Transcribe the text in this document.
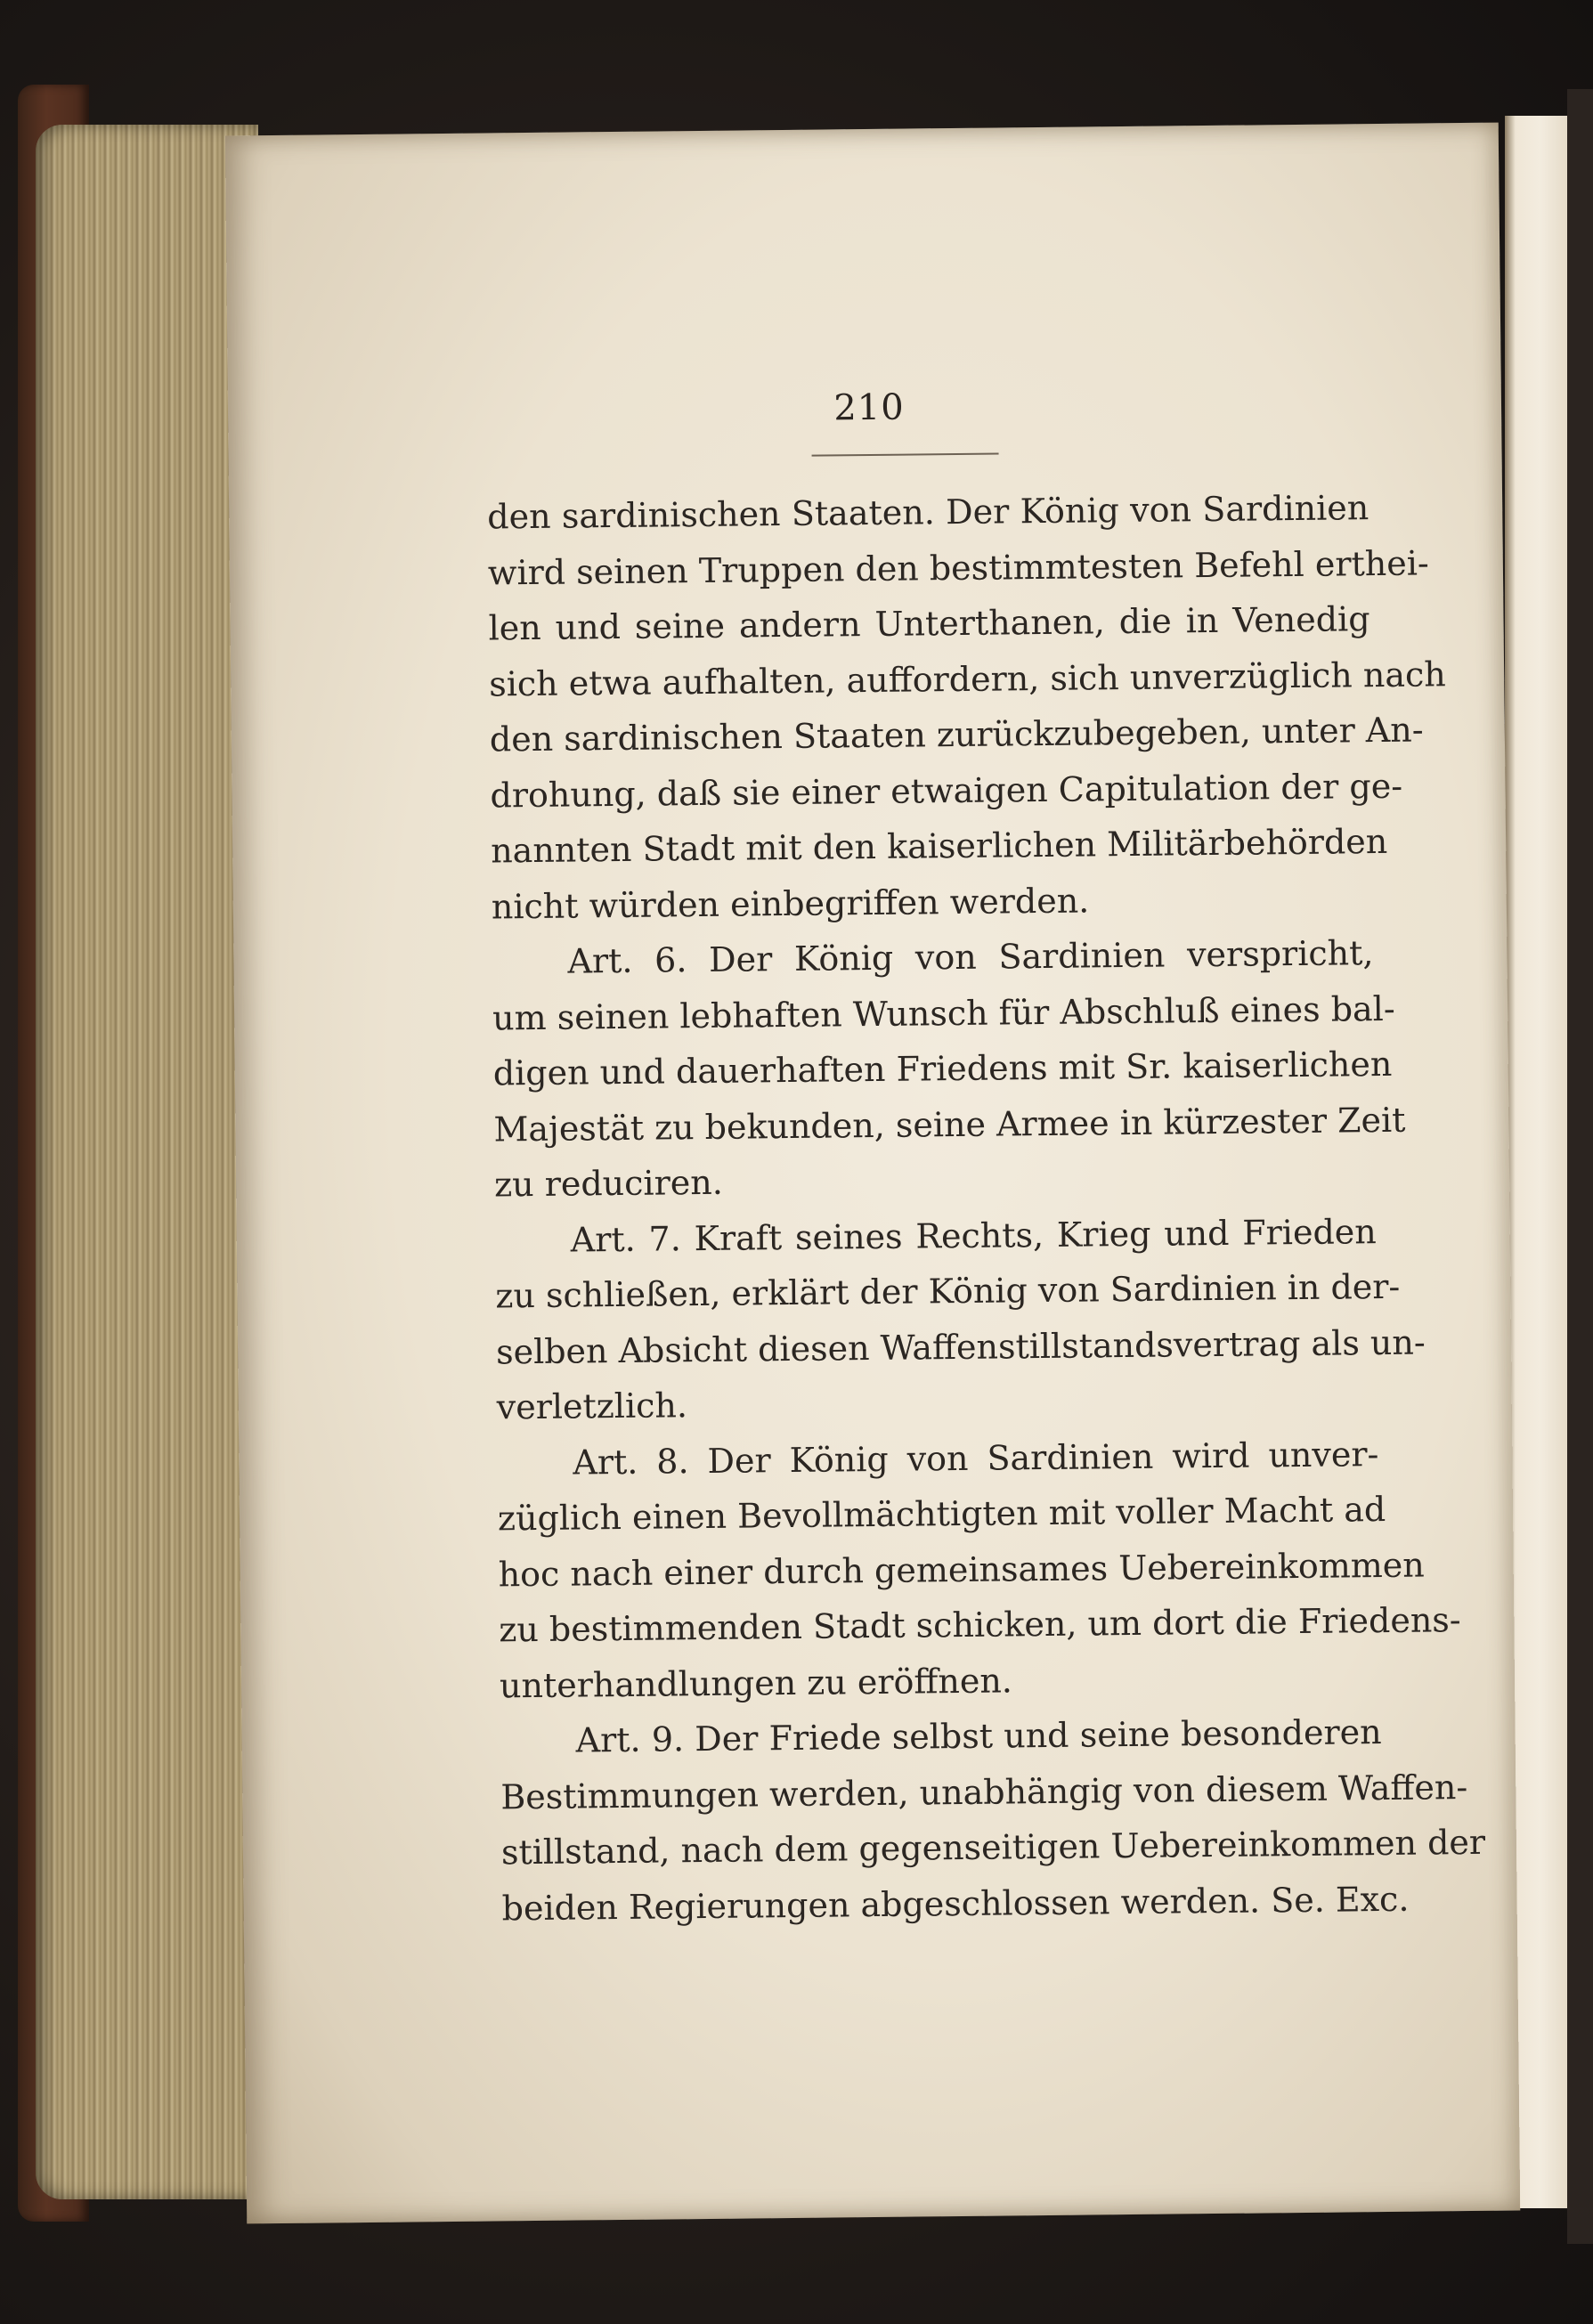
210
den sardinischen Staaten. Der König von Sardinien
wird seinen Truppen den bestimmtesten Befehl erthei-
len und seine andern Unterthanen, die in Venedig
sich etwa aufhalten, auffordern, sich unverzüglich nach
den sardinischen Staaten zurückzubegeben, unter An-
drohung, daß sie einer etwaigen Capitulation der ge-
nannten Stadt mit den kaiserlichen Militärbehörden
nicht würden einbegriffen werden.
Art. 6. Der König von Sardinien verspricht,
um seinen lebhaften Wunsch für Abschluß eines bal-
digen und dauerhaften Friedens mit Sr. kaiserlichen
Majestät zu bekunden, seine Armee in kürzester Zeit
zu reduciren.
Art. 7. Kraft seines Rechts, Krieg und Frieden
zu schließen, erklärt der König von Sardinien in der-
selben Absicht diesen Waffenstillstandsvertrag als un-
verletzlich.
Art. 8. Der König von Sardinien wird unver-
züglich einen Bevollmächtigten mit voller Macht ad
hoc nach einer durch gemeinsames Uebereinkommen
zu bestimmenden Stadt schicken, um dort die Friedens-
unterhandlungen zu eröffnen.
Art. 9. Der Friede selbst und seine besonderen
Bestimmungen werden, unabhängig von diesem Waffen-
stillstand, nach dem gegenseitigen Uebereinkommen der
beiden Regierungen abgeschlossen werden. Se. Exc.
